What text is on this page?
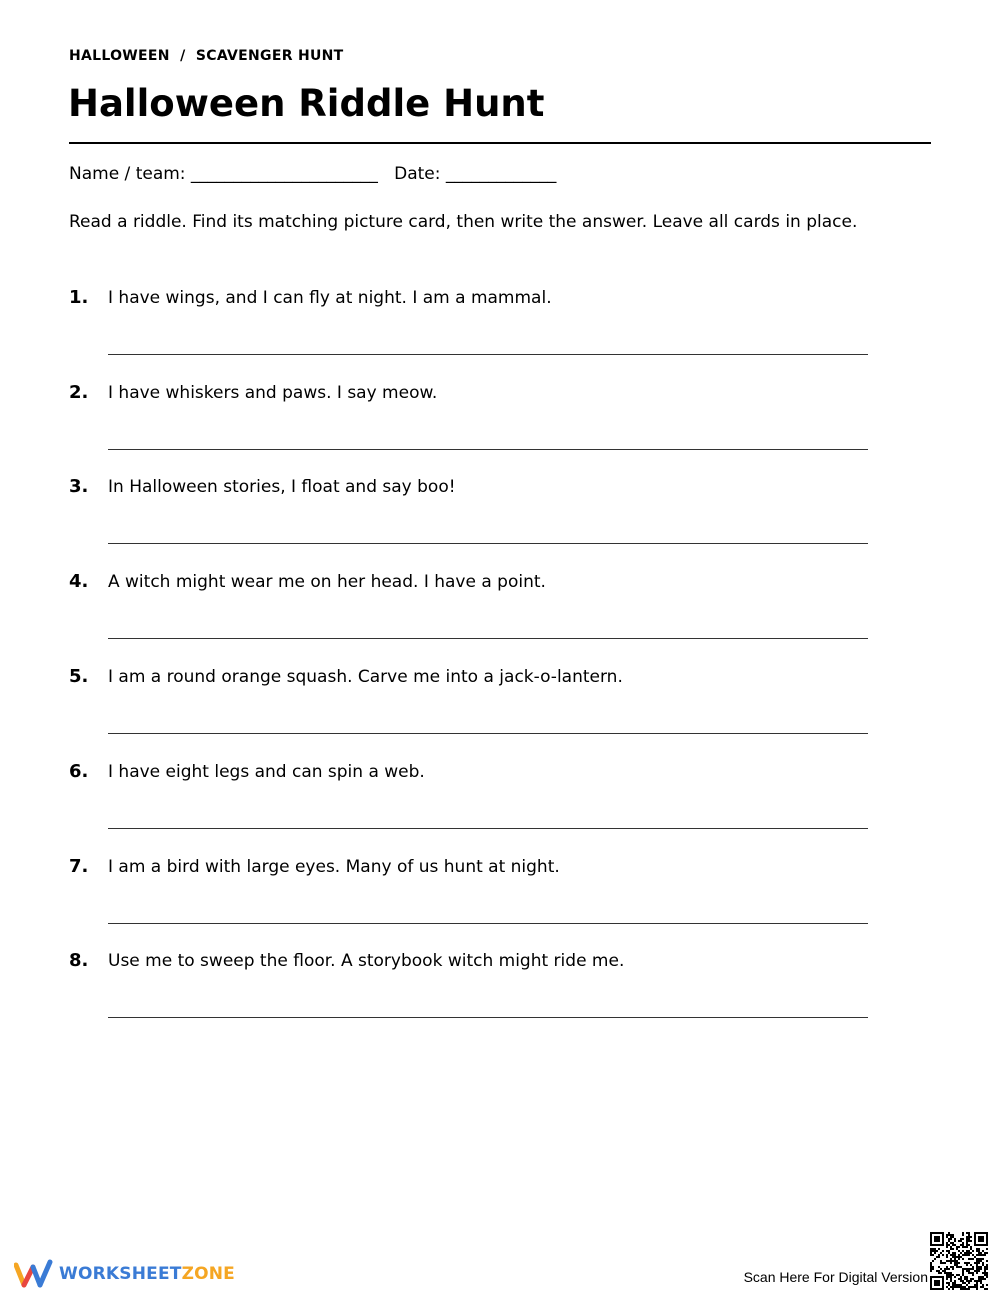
HALLOWEEN  /  SCAVENGER HUNT
Halloween Riddle Hunt
Name / team: ______________________   Date: _____________
Read a riddle. Find its matching picture card, then write the answer. Leave all cards in place.
1. I have wings, and I can fly at night. I am a mammal.
2. I have whiskers and paws. I say meow.
3. In Halloween stories, I float and say boo!
4. A witch might wear me on her head. I have a point.
5. I am a round orange squash. Carve me into a jack-o-lantern.
6. I have eight legs and can spin a web.
7. I am a bird with large eyes. Many of us hunt at night.
8. Use me to sweep the floor. A storybook witch might ride me.
WORKSHEETZONE	Scan Here For Digital Version
